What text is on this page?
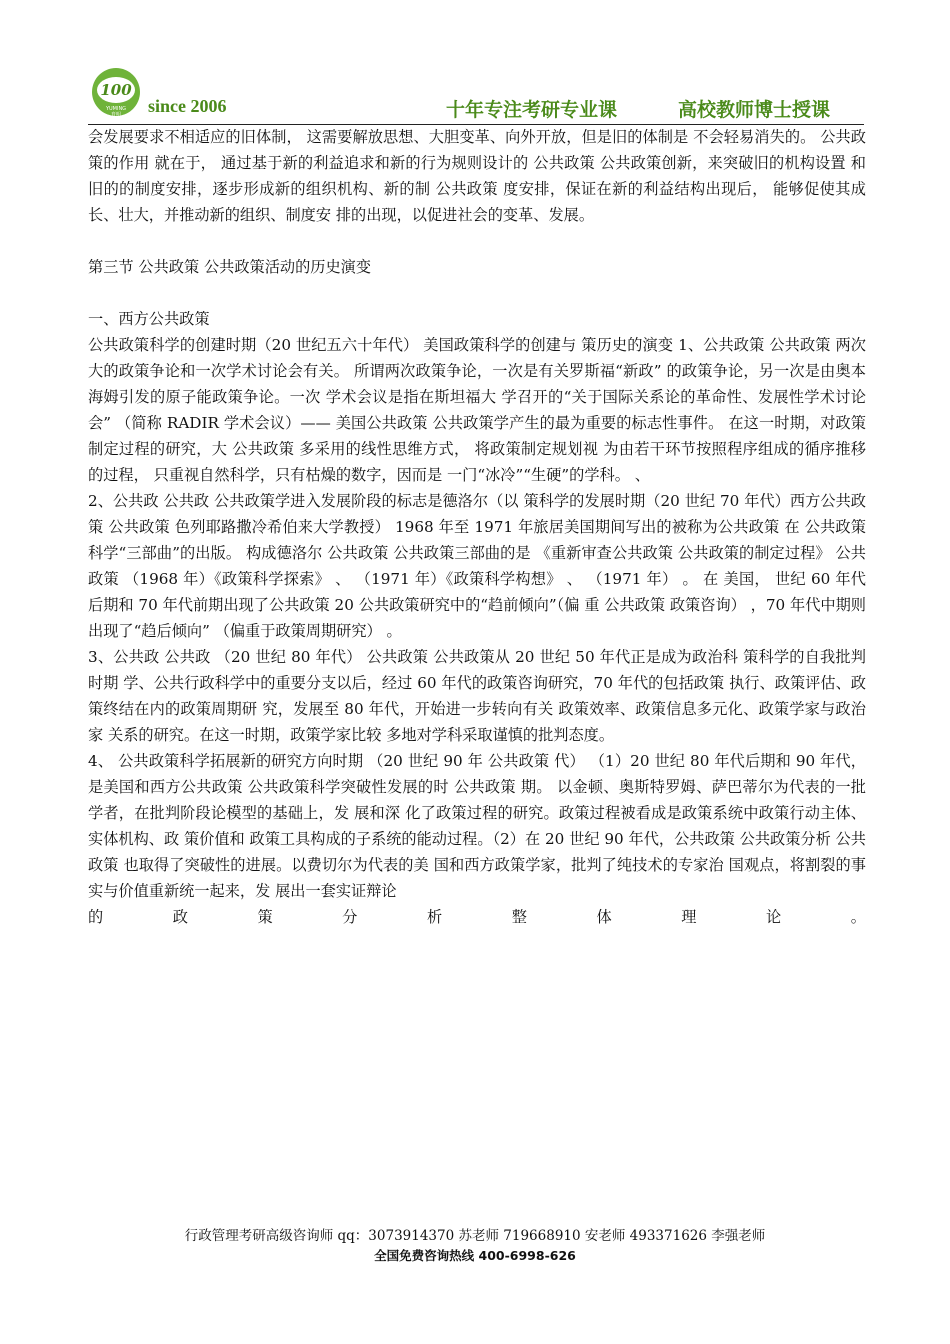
100
YUMING
育明 since 2006	十年专注考研专业课	高校教师博士授课

会发展要求不相适应的旧体制， 这需要解放思想、大胆变革、向外开放，但是旧的体制是 不会轻易消失的。 公共政策的作用 就在于， 通过基于新的利益追求和新的行为规则设计的 公共政策 公共政策创新，来突破旧的机构设置 和旧的的制度安排，逐步形成新的组织机构、新的制 公共政策 度安排，保证在新的利益结构出现后， 能够促使其成长、壮大，并推动新的组织、制度安 排的出现，以促进社会的变革、发展。

第三节 公共政策 公共政策活动的历史演变

一、西方公共政策

公共政策科学的创建时期（20 世纪五六十年代） 美国政策科学的创建与 策历史的演变 1、公共政策 公共政策 两次大的政策争论和一次学术讨论会有关。 所谓两次政策争论，一次是有关罗斯福“新政” 的政策争论，另一次是由奥本海姆引发的原子能政策争论。一次 学术会议是指在斯坦福大 学召开的“关于国际关系论的革命性、发展性学术讨论会” （简称 RADIR 学术会议）—— 美国公共政策 公共政策学产生的最为重要的标志性事件。 在这一时期，对政策制定过程的研究，大 公共政策 多采用的线性思维方式， 将政策制定规划视 为由若干环节按照程序组成的循序推移的过程， 只重视自然科学，只有枯燥的数字，因而是 一门“冰冷”“生硬”的学科。 、

2、公共政 公共政 公共政策学进入发展阶段的标志是德洛尔（以 策科学的发展时期（20 世纪 70 年代）西方公共政策 公共政策 色列耶路撒冷希伯来大学教授） 1968 年至 1971 年旅居美国期间写出的被称为公共政策 在 公共政策 科学“三部曲”的出版。 构成德洛尔 公共政策 公共政策三部曲的是 《重新审查公共政策 公共政策的制定过程》 公共政策 （1968 年）《政策科学探索》 、 （1971 年）《政策科学构想》 、 （1971 年） 。 在 美国， 世纪 60 年代后期和 70 年代前期出现了公共政策 20 公共政策研究中的“趋前倾向”（偏 重 公共政策 政策咨询） ，70 年代中期则出现了“趋后倾向” （偏重于政策周期研究） 。

3、公共政 公共政 （20 世纪 80 年代） 公共政策 公共政策从 20 世纪 50 年代正是成为政治科 策科学的自我批判时期 学、公共行政科学中的重要分支以后，经过 60 年代的政策咨询研究，70 年代的包括政策 执行、政策评估、政策终结在内的政策周期研 究，发展至 80 年代，开始进一步转向有关 政策效率、政策信息多元化、政策学家与政治家 关系的研究。在这一时期，政策学家比较 多地对学科采取谨慎的批判态度。

4、 公共政策科学拓展新的研究方向时期 （20 世纪 90 年 公共政策 代） （1）20 世纪 80 年代后期和 90 年代，是美国和西方公共政策 公共政策科学突破性发展的时 公共政策 期。 以金顿、奥斯特罗姆、萨巴蒂尔为代表的一批学者，在批判阶段论模型的基础上，发 展和深 化了政策过程的研究。政策过程被看成是政策系统中政策行动主体、实体机构、政 策价值和 政策工具构成的子系统的能动过程。（2）在 20 世纪 90 年代，公共政策 公共政策分析 公共政策 也取得了突破性的进展。以费切尔为代表的美 国和西方政策学家，批判了纯技术的专家治 国观点，将割裂的事实与价值重新统一起来，发 展出一套实证辩论

的 政 策 分 析 整 体 理 论 。

行政管理考研高级咨询师 qq：3073914370 苏老师 719668910 安老师 493371626 李强老师
全国免费咨询热线 400-6998-626
